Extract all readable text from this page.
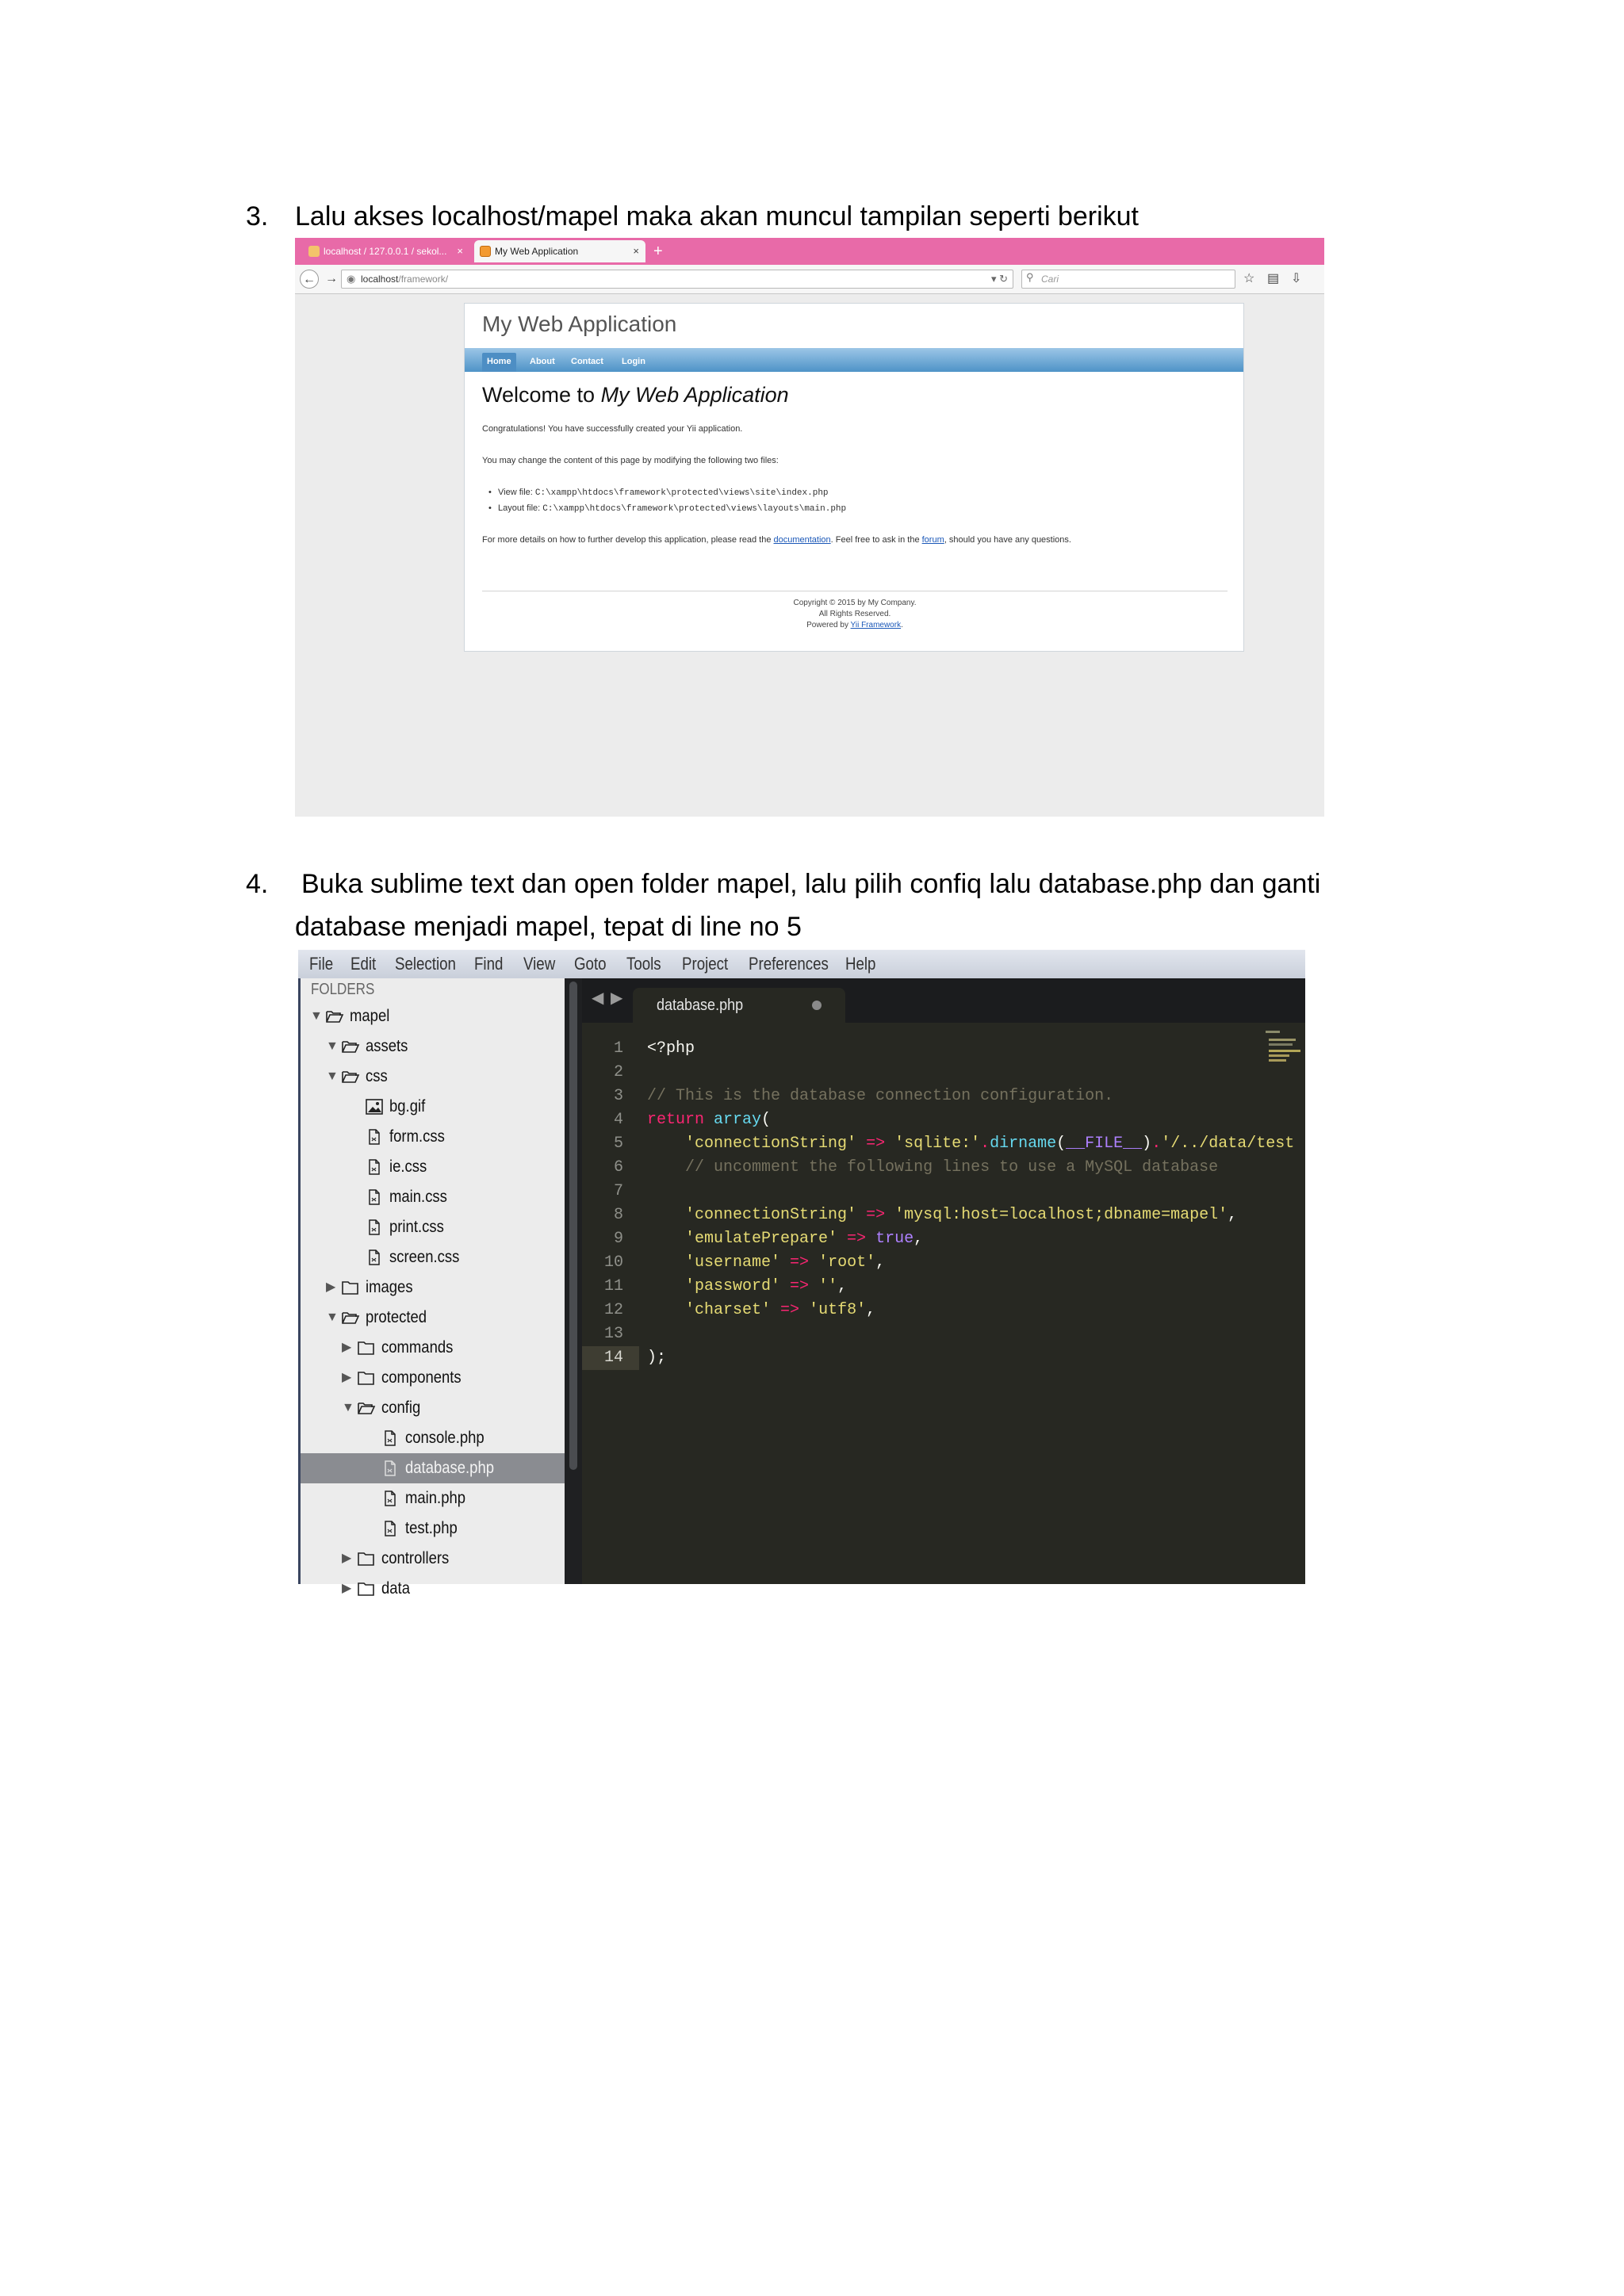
3. Lalu akses localhost/mapel maka akan muncul tampilan seperti berikut
localhost / 127.0.0.1 / sekol... ×	My Web Application	× +
← → ◉ localhost/framework/	▾ ↻ ⚲ Cari	☆ ▤ ⇩
My Web Application
Home	About	Contact	Login
Welcome to My Web Application
Congratulations! You have successfully created your Yii application.
You may change the content of this page by modifying the following two files:
• View file: C:\xampp\htdocs\framework\protected\views\site\index.php
• Layout file: C:\xampp\htdocs\framework\protected\views\layouts\main.php
For more details on how to further develop this application, please read the documentation. Feel free to ask in the forum, should you have any questions.
Copyright © 2015 by My Company.
All Rights Reserved.
Powered by Yii Framework.
4. Buka sublime text dan open folder mapel, lalu pilih confiq lalu database.php dan ganti
database menjadi mapel, tepat di line no 5
File Edit Selection Find View Goto Tools Project Preferences Help
FOLDERS
▼ mapel
▼ assets
▼ css
bg.gif
form.css
ie.css
main.css
print.css
screen.css
▶ images
▼ protected
▶ commands
▶ components
▼ config
console.php
database.php
main.php
test.php
▶ controllers
▶ data
◀ ▶ database.php
1
2
3
4
5
6
7
8
9
10
11
12
13
14
<?php
// This is the database connection configuration.
return array(
'connectionString' => 'sqlite:'.dirname(__FILE__).'/../data/test
// uncomment the following lines to use a MySQL database
'connectionString' => 'mysql:host=localhost;dbname=mapel',
'emulatePrepare' => true,
'username' => 'root',
'password' => '',
'charset' => 'utf8',
);
